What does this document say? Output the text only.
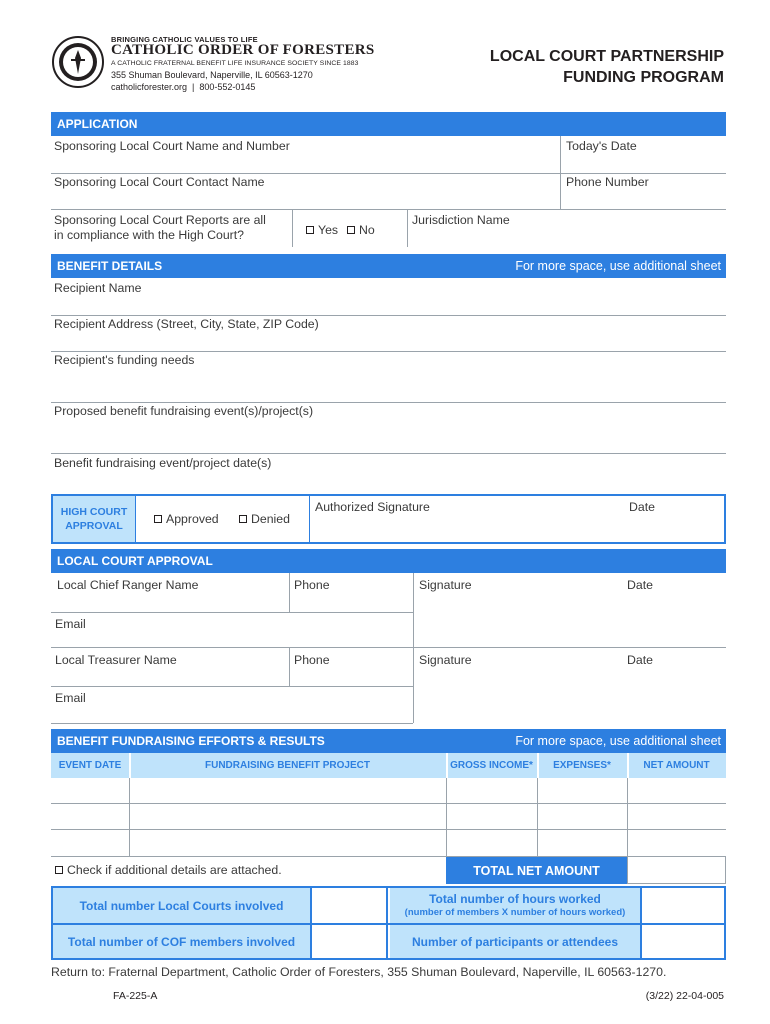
BRINGING CATHOLIC VALUES TO LIFE
CATHOLIC ORDER OF FORESTERS
A CATHOLIC FRATERNAL BENEFIT LIFE INSURANCE SOCIETY SINCE 1883
355 Shuman Boulevard, Naperville, IL 60563-1270
catholicforester.org  |  800-552-0145
LOCAL COURT PARTNERSHIP
FUNDING PROGRAM
APPLICATION
Sponsoring Local Court Name and Number	Today's Date
Sponsoring Local Court Contact Name	Phone Number
Sponsoring Local Court Reports are all
in compliance with the High Court?	Yes	No
Jurisdiction Name
BENEFIT DETAILS	For more space, use additional sheet
Recipient Name
Recipient Address (Street, City, State, ZIP Code)
Recipient's funding needs
Proposed benefit fundraising event(s)/project(s)
Benefit fundraising event/project date(s)
HIGH COURT
APPROVAL	Approved	Denied
Authorized Signature	Date
LOCAL COURT APPROVAL
Local Chief Ranger Name	Phone	Signature	Date
Email
Local Treasurer Name	Phone	Signature	Date
Email
BENEFIT FUNDRAISING EFFORTS & RESULTS	For more space, use additional sheet
EVENT DATE	FUNDRAISING BENEFIT PROJECT	GROSS INCOME*	EXPENSES*	NET AMOUNT
Check if additional details are attached.	TOTAL NET AMOUNT
Total number Local Courts involved	Total number of hours worked
(number of members X number of hours worked)
Total number of COF members involved	Number of participants or attendees
Return to: Fraternal Department, Catholic Order of Foresters, 355 Shuman Boulevard, Naperville, IL 60563-1270.
FA-225-A	(3/22) 22-04-005
